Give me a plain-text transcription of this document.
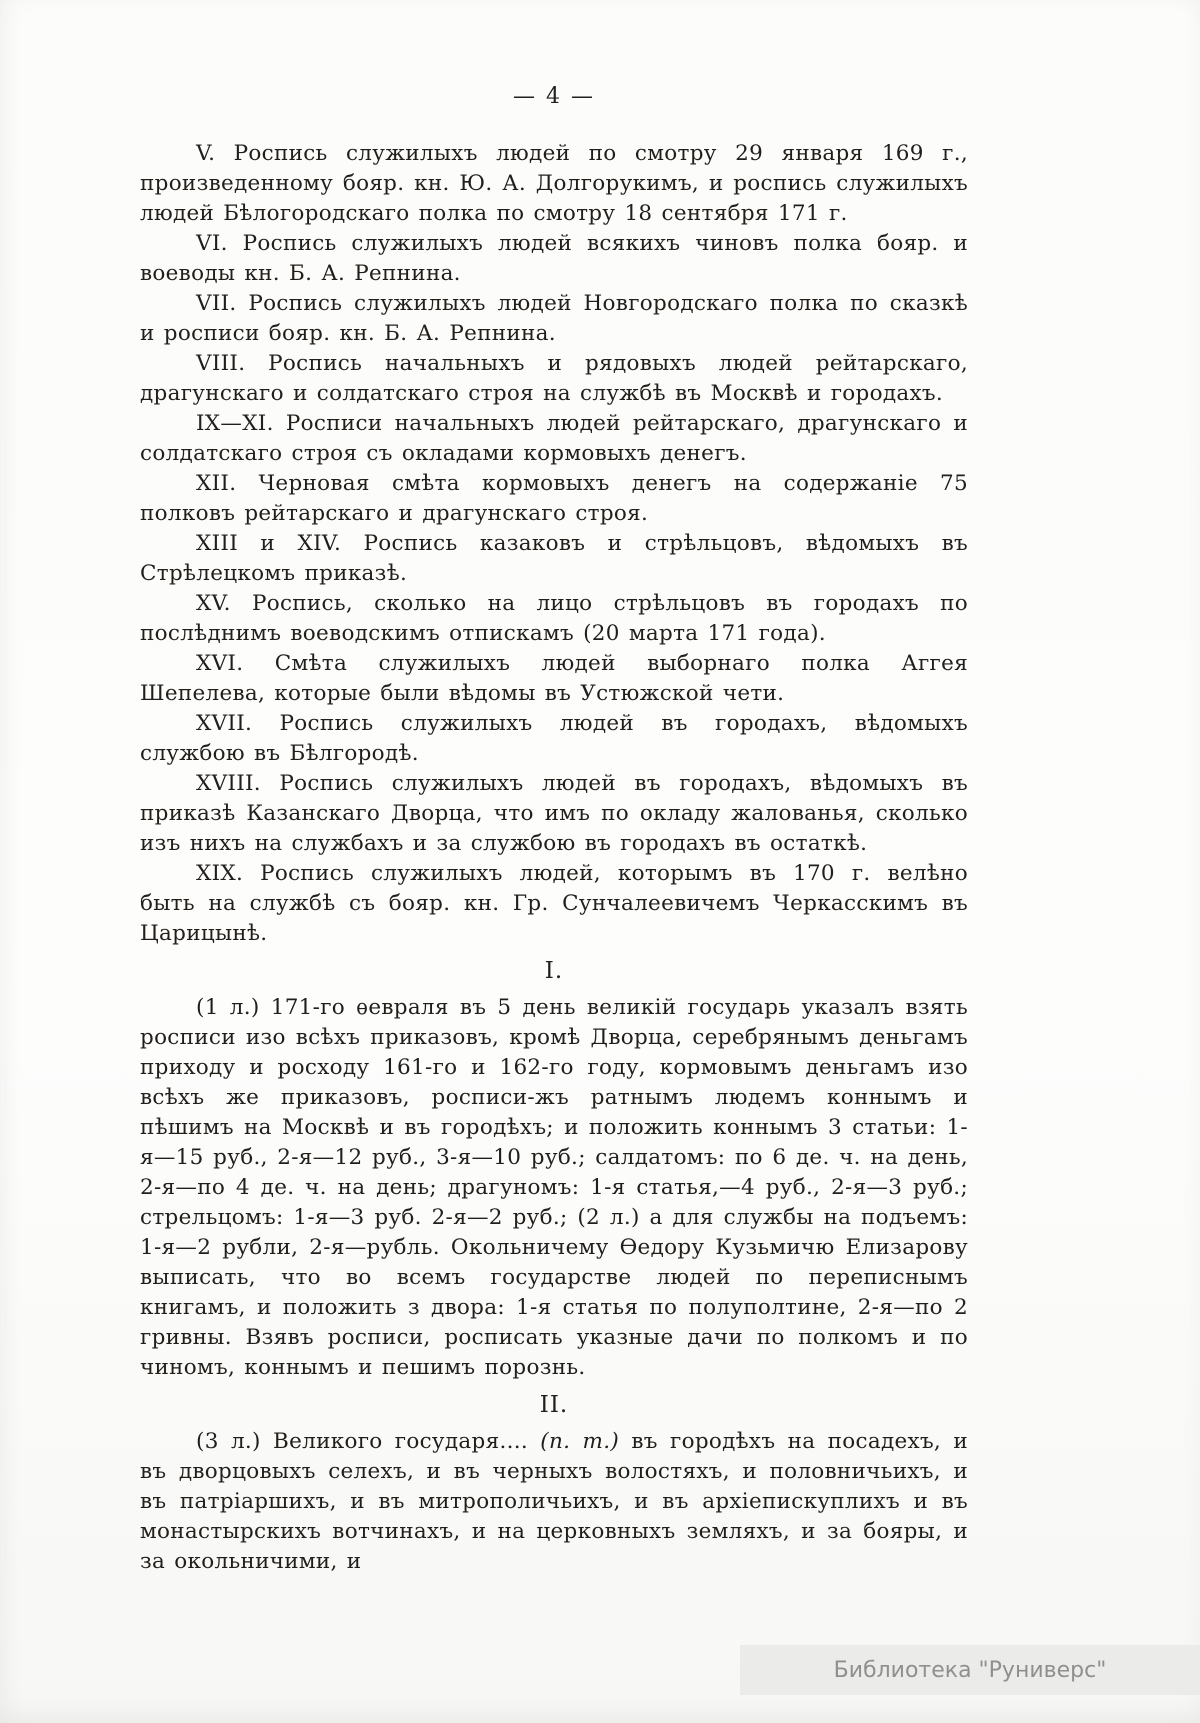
— 4 —

V. Роспись служилыхъ людей по смотру 29 января 169 г., произведенному бояр. кн. Ю. А. Долгорукимъ, и роспись служилыхъ людей Бѣлогородскаго полка по смотру 18 сентября 171 г.

VI. Роспись служилыхъ людей всякихъ чиновъ полка бояр. и воеводы кн. Б. А. Репнина.

VII. Роспись служилыхъ людей Новгородскаго полка по сказкѣ и росписи бояр. кн. Б. А. Репнина.

VIII. Роспись начальныхъ и рядовыхъ людей рейтарскаго, драгунскаго и солдатскаго строя на службѣ въ Москвѣ и городахъ.

IX—XI. Росписи начальныхъ людей рейтарскаго, драгунскаго и солдатскаго строя съ окладами кормовыхъ денегъ.

XII. Черновая смѣта кормовыхъ денегъ на содержаніе 75 полковъ рейтарскаго и драгунскаго строя.

XIII и XIV. Роспись казаковъ и стрѣльцовъ, вѣдомыхъ въ Стрѣлецкомъ приказѣ.

XV. Роспись, сколько на лицо стрѣльцовъ въ городахъ по послѣднимъ воеводскимъ отпискамъ (20 марта 171 года).

XVI. Смѣта служилыхъ людей выборнаго полка Аггея Шепелева, которые были вѣдомы въ Устюжской чети.

XVII. Роспись служилыхъ людей въ городахъ, вѣдомыхъ службою въ Бѣлгородѣ.

XVIII. Роспись служилыхъ людей въ городахъ, вѣдомыхъ въ приказѣ Казанскаго Дворца, что имъ по окладу жалованья, сколько изъ нихъ на службахъ и за службою въ городахъ въ остаткѣ.

XIX. Роспись служилыхъ людей, которымъ въ 170 г. велѣно быть на службѣ съ бояр. кн. Гр. Сунчалеевичемъ Черкасскимъ въ Царицынѣ.

I.

(1 л.) 171-го ѳевраля въ 5 день великій государь указалъ взять росписи изо всѣхъ приказовъ, кромѣ Дворца, серебрянымъ деньгамъ приходу и росходу 161-го и 162-го году, кормовымъ деньгамъ изо всѣхъ же приказовъ, росписи-жъ ратнымъ людемъ коннымъ и пѣшимъ на Москвѣ и въ городѣхъ; и положить коннымъ 3 статьи: 1-я—15 руб., 2-я—12 руб., 3-я—10 руб.; салдатомъ: по 6 де. ч. на день, 2-я—по 4 де. ч. на день; драгуномъ: 1-я статья,—4 руб., 2-я—3 руб.; стрельцомъ: 1-я—3 руб. 2-я—2 руб.; (2 л.) а для службы на подъемъ: 1-я—2 рубли, 2-я—рубль. Окольничему Ѳедору Кузьмичю Елизарову выписать, что во всемъ государстве людей по переписнымъ книгамъ, и положить з двора: 1-я статья по полуполтине, 2-я—по 2 гривны. Взявъ росписи, росписать указные дачи по полкомъ и по чиномъ, коннымъ и пешимъ порознь.

II.

(3 л.) Великого государя.... (п. т.) въ городѣхъ на посадехъ, и въ дворцовыхъ селехъ, и въ черныхъ волостяхъ, и половничьихъ, и въ патріаршихъ, и въ митрополичьихъ, и въ архіепискуплихъ и въ монастырскихъ вотчинахъ, и на церковныхъ земляхъ, и за бояры, и за окольничими, и

Библиотека "Руниверс"
